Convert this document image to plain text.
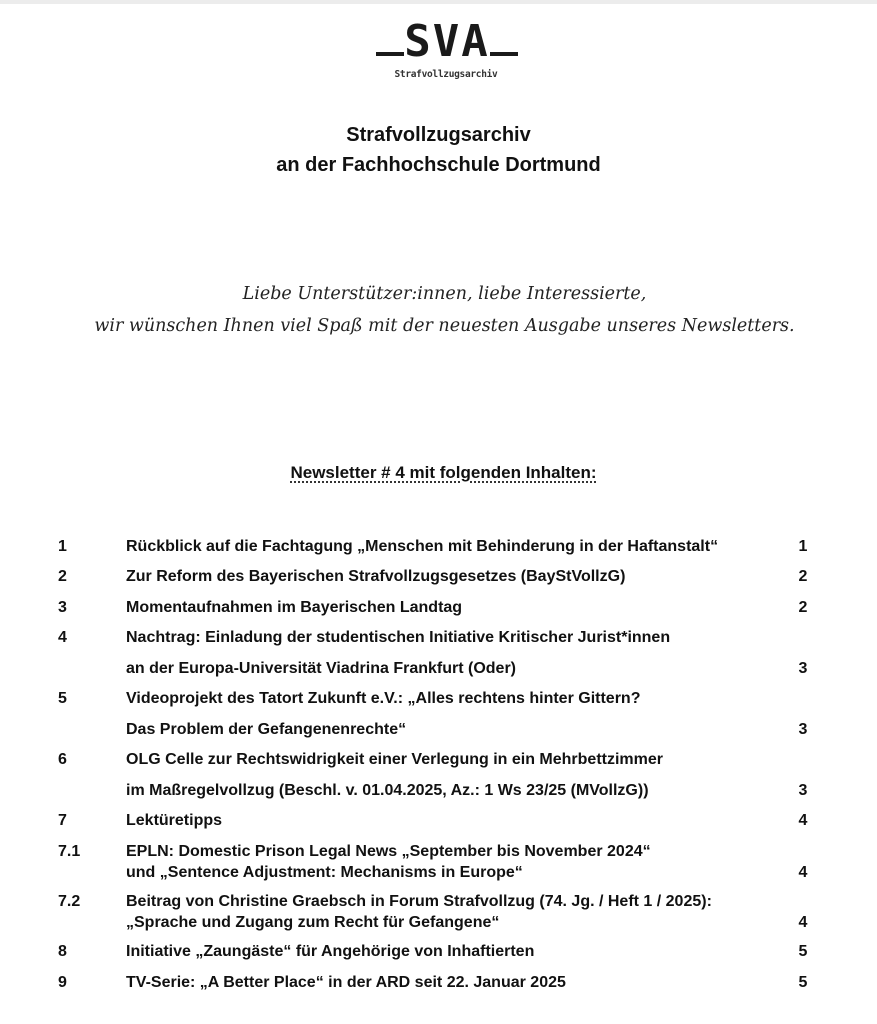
SVA
Strafvollzugsarchiv
Strafvollzugsarchiv
an der Fachhochschule Dortmund
Liebe Unterstützer:innen, liebe Interessierte,
wir wünschen Ihnen viel Spaß mit der neuesten Ausgabe unseres Newsletters.
Newsletter # 4 mit folgenden Inhalten:
1	Rückblick auf die Fachtagung „Menschen mit Behinderung in der Haftanstalt“	1
2	Zur Reform des Bayerischen Strafvollzugsgesetzes (BayStVollzG)	2
3	Momentaufnahmen im Bayerischen Landtag	2
4	Nachtrag: Einladung der studentischen Initiative Kritischer Jurist*innen
an der Europa-Universität Viadrina Frankfurt (Oder)	3
5	Videoprojekt des Tatort Zukunft e.V.: „Alles rechtens hinter Gittern?
Das Problem der Gefangenenrechte“	3
6	OLG Celle zur Rechtswidrigkeit einer Verlegung in ein Mehrbettzimmer
im Maßregelvollzug (Beschl. v. 01.04.2025, Az.: 1 Ws 23/25 (MVollzG))	3
7	Lektüretipps	4
7.1	EPLN: Domestic Prison Legal News „September bis November 2024“
und „Sentence Adjustment: Mechanisms in Europe“	4
7.2	Beitrag von Christine Graebsch in Forum Strafvollzug (74. Jg. / Heft 1 / 2025):
„Sprache und Zugang zum Recht für Gefangene“	4
8	Initiative „Zaungäste“ für Angehörige von Inhaftierten	5
9	TV-Serie: „A Better Place“ in der ARD seit 22. Januar 2025	5
